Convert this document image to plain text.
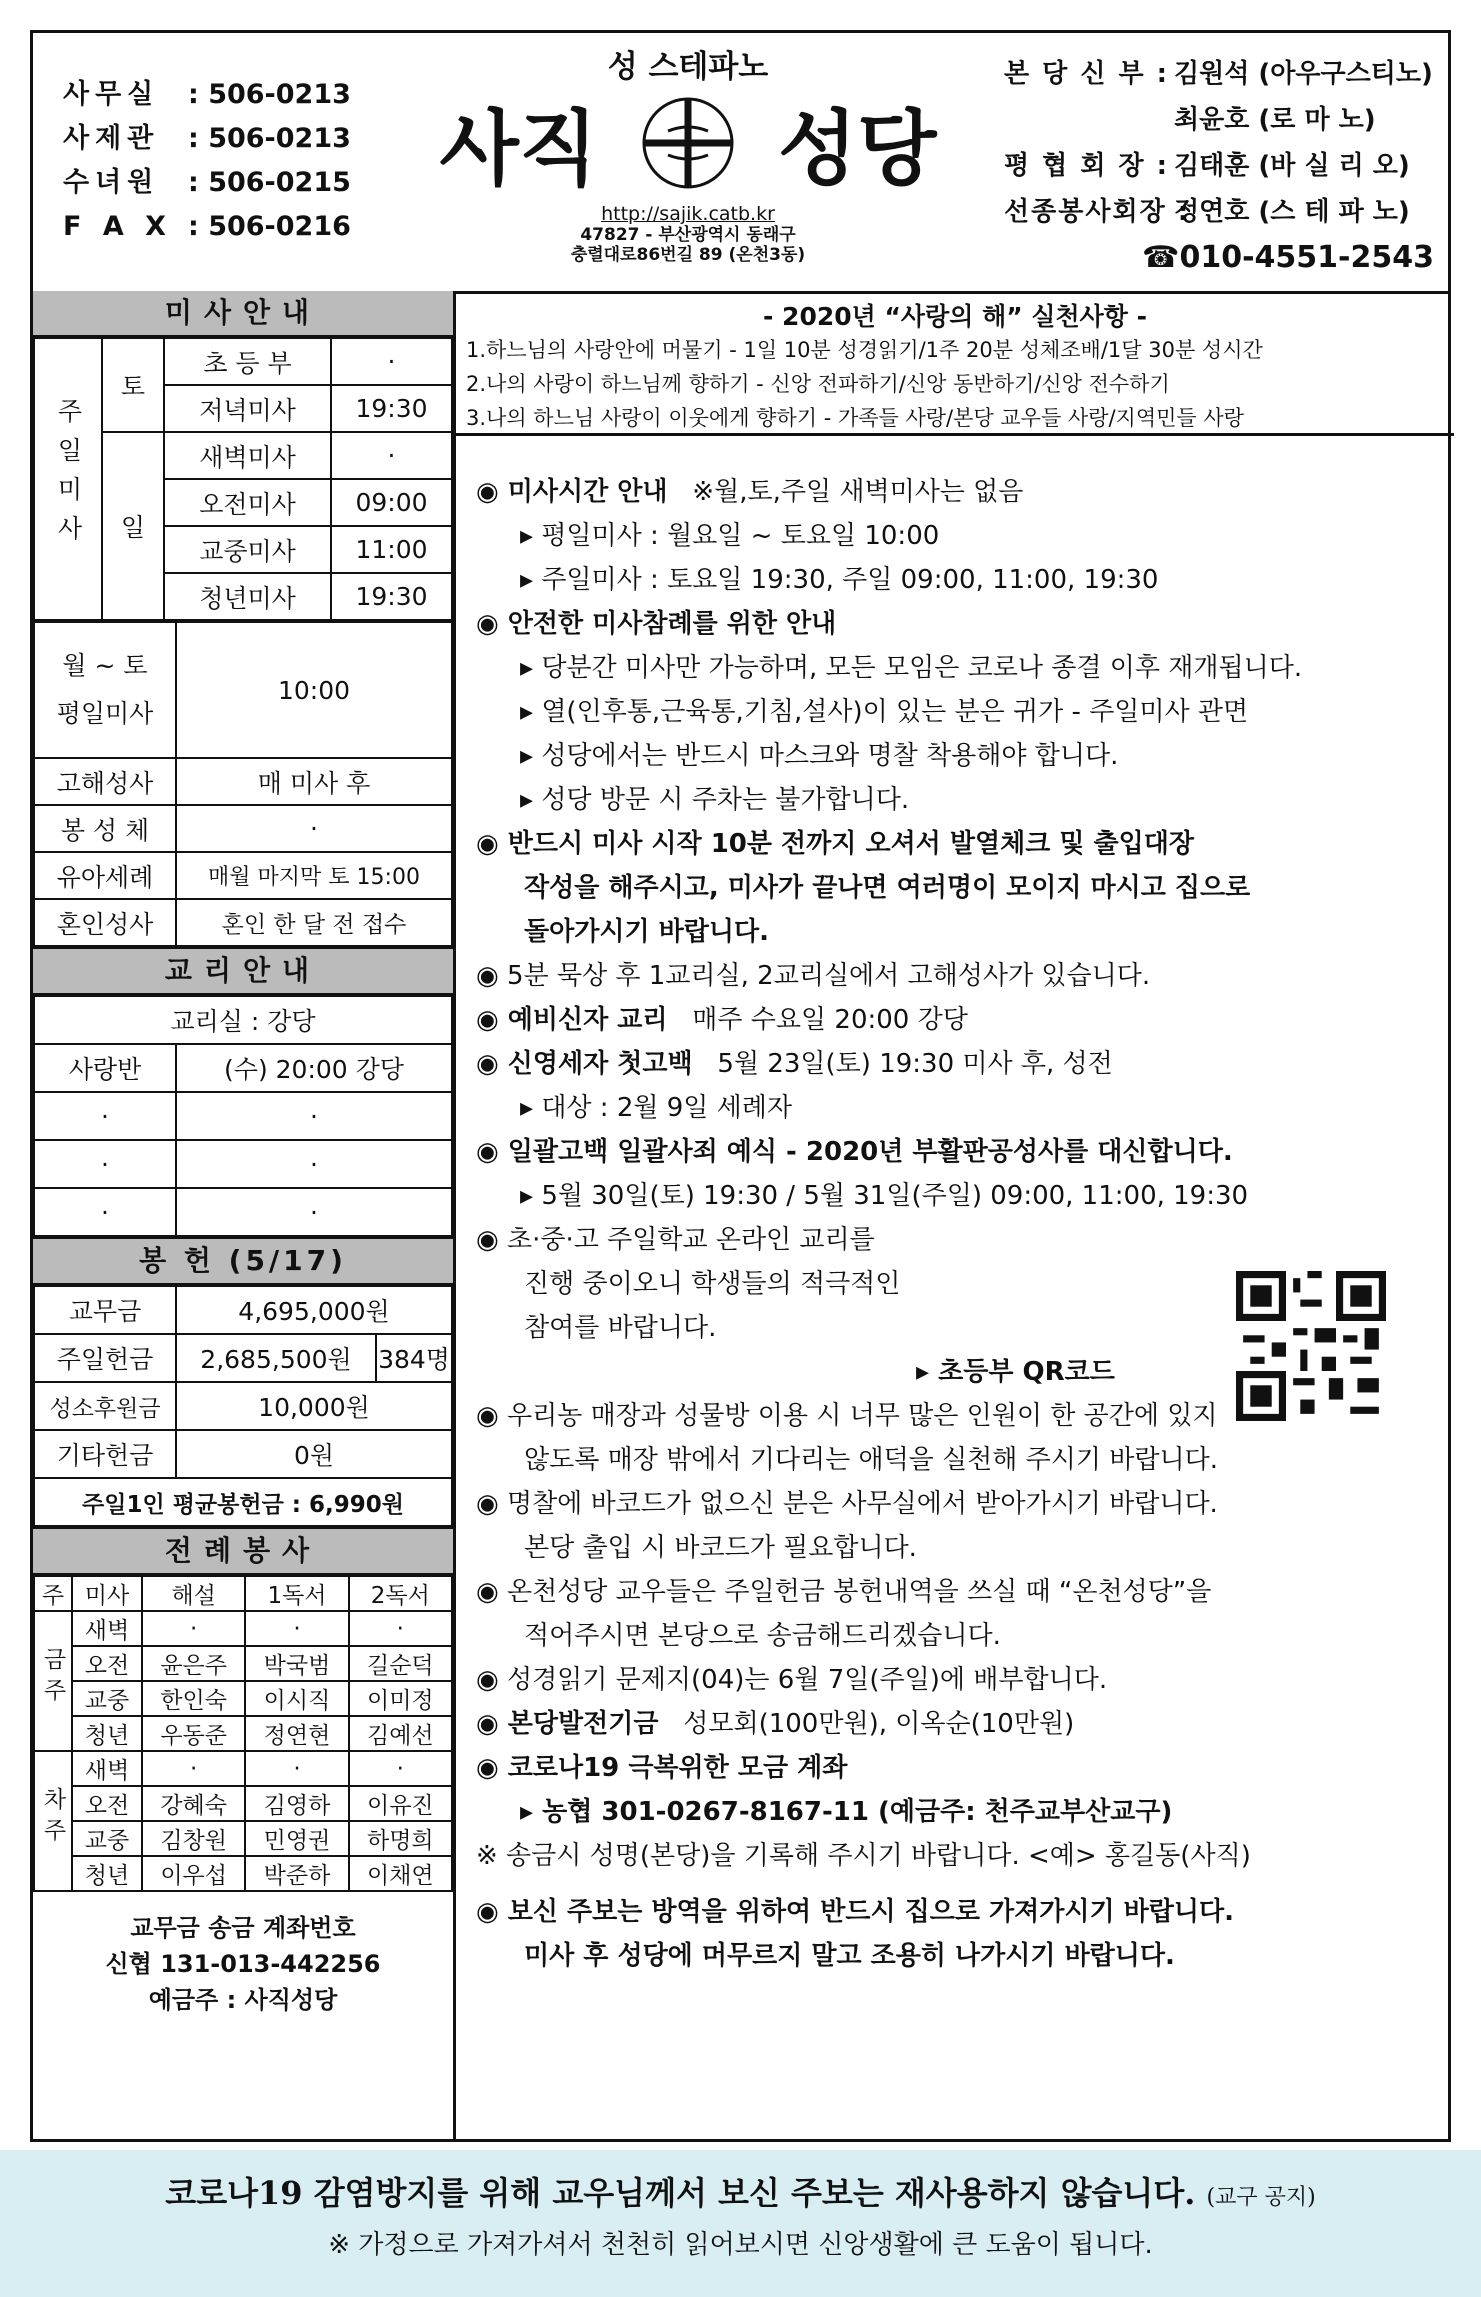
사무실	: 506-0213
사제관	: 506-0213
수녀원	: 506-0215
F A X : 506-0216
성 스테파노
사직 성당
http://sajik.catb.kr
47827 - 부산광역시 동래구
충렬대로86번길 89 (온천3동)
본 당 신 부 : 김원석 (아우구스티노)
최윤호 (로 마 노)
평 협 회 장 : 김태훈 (바 실 리 오)
선종봉사회장 :
정연호 (스 테 파 노)
☎010-4551-2543
미사안내
주일미사	토	초 등 부	·
		저녁미사	19:30
	일	새벽미사	·
		오전미사	09:00
		교중미사	11:00
		청년미사	19:30
월 ~ 토
평일미사	10:00
고해성사	매 미사 후
봉 성 체	·
유아세례	매월 마지막 토 15:00
혼인성사	혼인 한 달 전 접수
교리안내
교리실 : 강당	
사랑반	(수) 20:00 강당
·	·
·	·
·	·
봉 헌 (5/17)
교무금	4,695,000원	
주일헌금	2,685,500원	384명
성소후원금	10,000원	
기타헌금	0원	
주일1인 평균봉헌금 : 6,990원		
전례봉사
주	미사	해설	1독서	2독서
금주	새벽	·	·	·
	오전	윤은주	박국범	길순덕
	교중	한인숙	이시직	이미정
	청년	우동준	정연현	김예선
차주	새벽	·	·	·
	오전	강혜숙	김영하	이유진
	교중	김창원	민영권	하명희
	청년	이우섭	박준하	이채연
교무금 송금 계좌번호
신협 131-013-442256
예금주 : 사직성당
- 2020년 “사랑의 해” 실천사항 -
1.하느님의 사랑안에 머물기 - 1일 10분 성경읽기/1주 20분 성체조배/1달 30분 성시간
2.나의 사랑이 하느님께 향하기 - 신앙 전파하기/신앙 동반하기/신앙 전수하기
3.나의 하느님 사랑이 이웃에게 향하기 - 가족들 사랑/본당 교우들 사랑/지역민들 사랑
◉ 미사시간 안내 ※월,토,주일 새벽미사는 없음
▸ 평일미사 : 월요일 ~ 토요일 10:00
▸ 주일미사 : 토요일 19:30, 주일 09:00, 11:00, 19:30
◉ 안전한 미사참례를 위한 안내
▸ 당분간 미사만 가능하며, 모든 모임은 코로나 종결 이후 재개됩니다.
▸ 열(인후통,근육통,기침,설사)이 있는 분은 귀가 - 주일미사 관면
▸ 성당에서는 반드시 마스크와 명찰 착용해야 합니다.
▸ 성당 방문 시 주차는 불가합니다.
◉ 반드시 미사 시작 10분 전까지 오셔서 발열체크 및 출입대장
작성을 해주시고, 미사가 끝나면 여러명이 모이지 마시고 집으로
돌아가시기 바랍니다.
◉ 5분 묵상 후 1교리실, 2교리실에서 고해성사가 있습니다.
◉ 예비신자 교리 매주 수요일 20:00 강당
◉ 신영세자 첫고백 5월 23일(토) 19:30 미사 후, 성전
▸ 대상 : 2월 9일 세례자
◉ 일괄고백 일괄사죄 예식 - 2020년 부활판공성사를 대신합니다.
▸ 5월 30일(토) 19:30 / 5월 31일(주일) 09:00, 11:00, 19:30
◉ 초·중·고 주일학교 온라인 교리를
진행 중이오니 학생들의 적극적인
참여를 바랍니다.
▸ 초등부 QR코드
◉ 우리농 매장과 성물방 이용 시 너무 많은 인원이 한 공간에 있지
않도록 매장 밖에서 기다리는 애덕을 실천해 주시기 바랍니다.
◉ 명찰에 바코드가 없으신 분은 사무실에서 받아가시기 바랍니다.
본당 출입 시 바코드가 필요합니다.
◉ 온천성당 교우들은 주일헌금 봉헌내역을 쓰실 때 “온천성당”을
적어주시면 본당으로 송금해드리겠습니다.
◉ 성경읽기 문제지(04)는 6월 7일(주일)에 배부합니다.
◉ 본당발전기금 성모회(100만원), 이옥순(10만원)
◉ 코로나19 극복위한 모금 계좌
▸ 농협 301-0267-8167-11 (예금주: 천주교부산교구)
※ 송금시 성명(본당)을 기록해 주시기 바랍니다. <예> 홍길동(사직)
◉ 보신 주보는 방역을 위하여 반드시 집으로 가져가시기 바랍니다.
미사 후 성당에 머무르지 말고 조용히 나가시기 바랍니다.
코로나19 감염방지를 위해 교우님께서 보신 주보는 재사용하지 않습니다. (교구 공지)
※ 가정으로 가져가셔서 천천히 읽어보시면 신앙생활에 큰 도움이 됩니다.
